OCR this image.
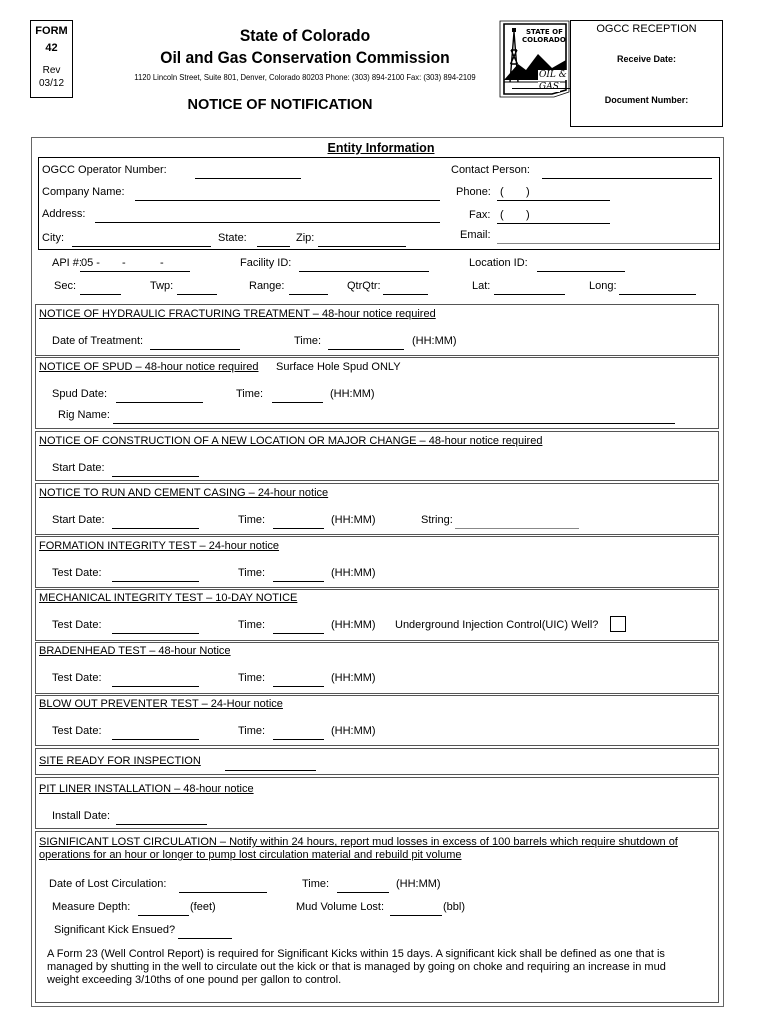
FORM
42
Rev
03/12
State of Colorado
Oil and Gas Conservation Commission
1120 Lincoln Street, Suite 801, Denver, Colorado 80203 Phone: (303) 894-2100 Fax: (303) 894-2109
NOTICE OF NOTIFICATION
STATE OF
COLORADO
OIL &
GAS
OGCC RECEPTION
Receive Date:
Document Number:
Entity Information
OGCC Operator Number:	Contact Person:
Company Name:	Phone: ( )
Address:	Fax: ( )
City:	State:	Zip:	Email:
API #: 05 - -	-	Facility ID:	Location ID:
Sec:	Twp:	Range:	QtrQtr:	Lat:	Long:
NOTICE OF HYDRAULIC FRACTURING TREATMENT – 48-hour notice required
Date of Treatment:	Time:	(HH:MM)
NOTICE OF SPUD – 48-hour notice required Surface Hole Spud ONLY
Spud Date:	Time:	(HH:MM)
Rig Name:
NOTICE OF CONSTRUCTION OF A NEW LOCATION OR MAJOR CHANGE – 48-hour notice required
Start Date:
NOTICE TO RUN AND CEMENT CASING – 24-hour notice
Start Date:	Time:	(HH:MM)	String:
FORMATION INTEGRITY TEST – 24-hour notice
Test Date:	Time:	(HH:MM)
MECHANICAL INTEGRITY TEST – 10-DAY NOTICE
Test Date:	Time:	(HH:MM) Underground Injection Control(UIC) Well?
BRADENHEAD TEST – 48-hour Notice
Test Date:	Time:	(HH:MM)
BLOW OUT PREVENTER TEST – 24-Hour notice
Test Date:	Time:	(HH:MM)
SITE READY FOR INSPECTION
PIT LINER INSTALLATION – 48-hour notice
Install Date:
SIGNIFICANT LOST CIRCULATION – Notify within 24 hours, report mud losses in excess of 100 barrels which require shutdown of
operations for an hour or longer to pump lost circulation material and rebuild pit volume
Date of Lost Circulation:	Time:	(HH:MM)
Measure Depth:	(feet)	Mud Volume Lost:	(bbl)
Significant Kick Ensued?
A Form 23 (Well Control Report) is required for Significant Kicks within 15 days. A significant kick shall be defined as one that is
managed by shutting in the well to circulate out the kick or that is managed by going on choke and requiring an increase in mud
weight exceeding 3/10ths of one pound per gallon to control.
